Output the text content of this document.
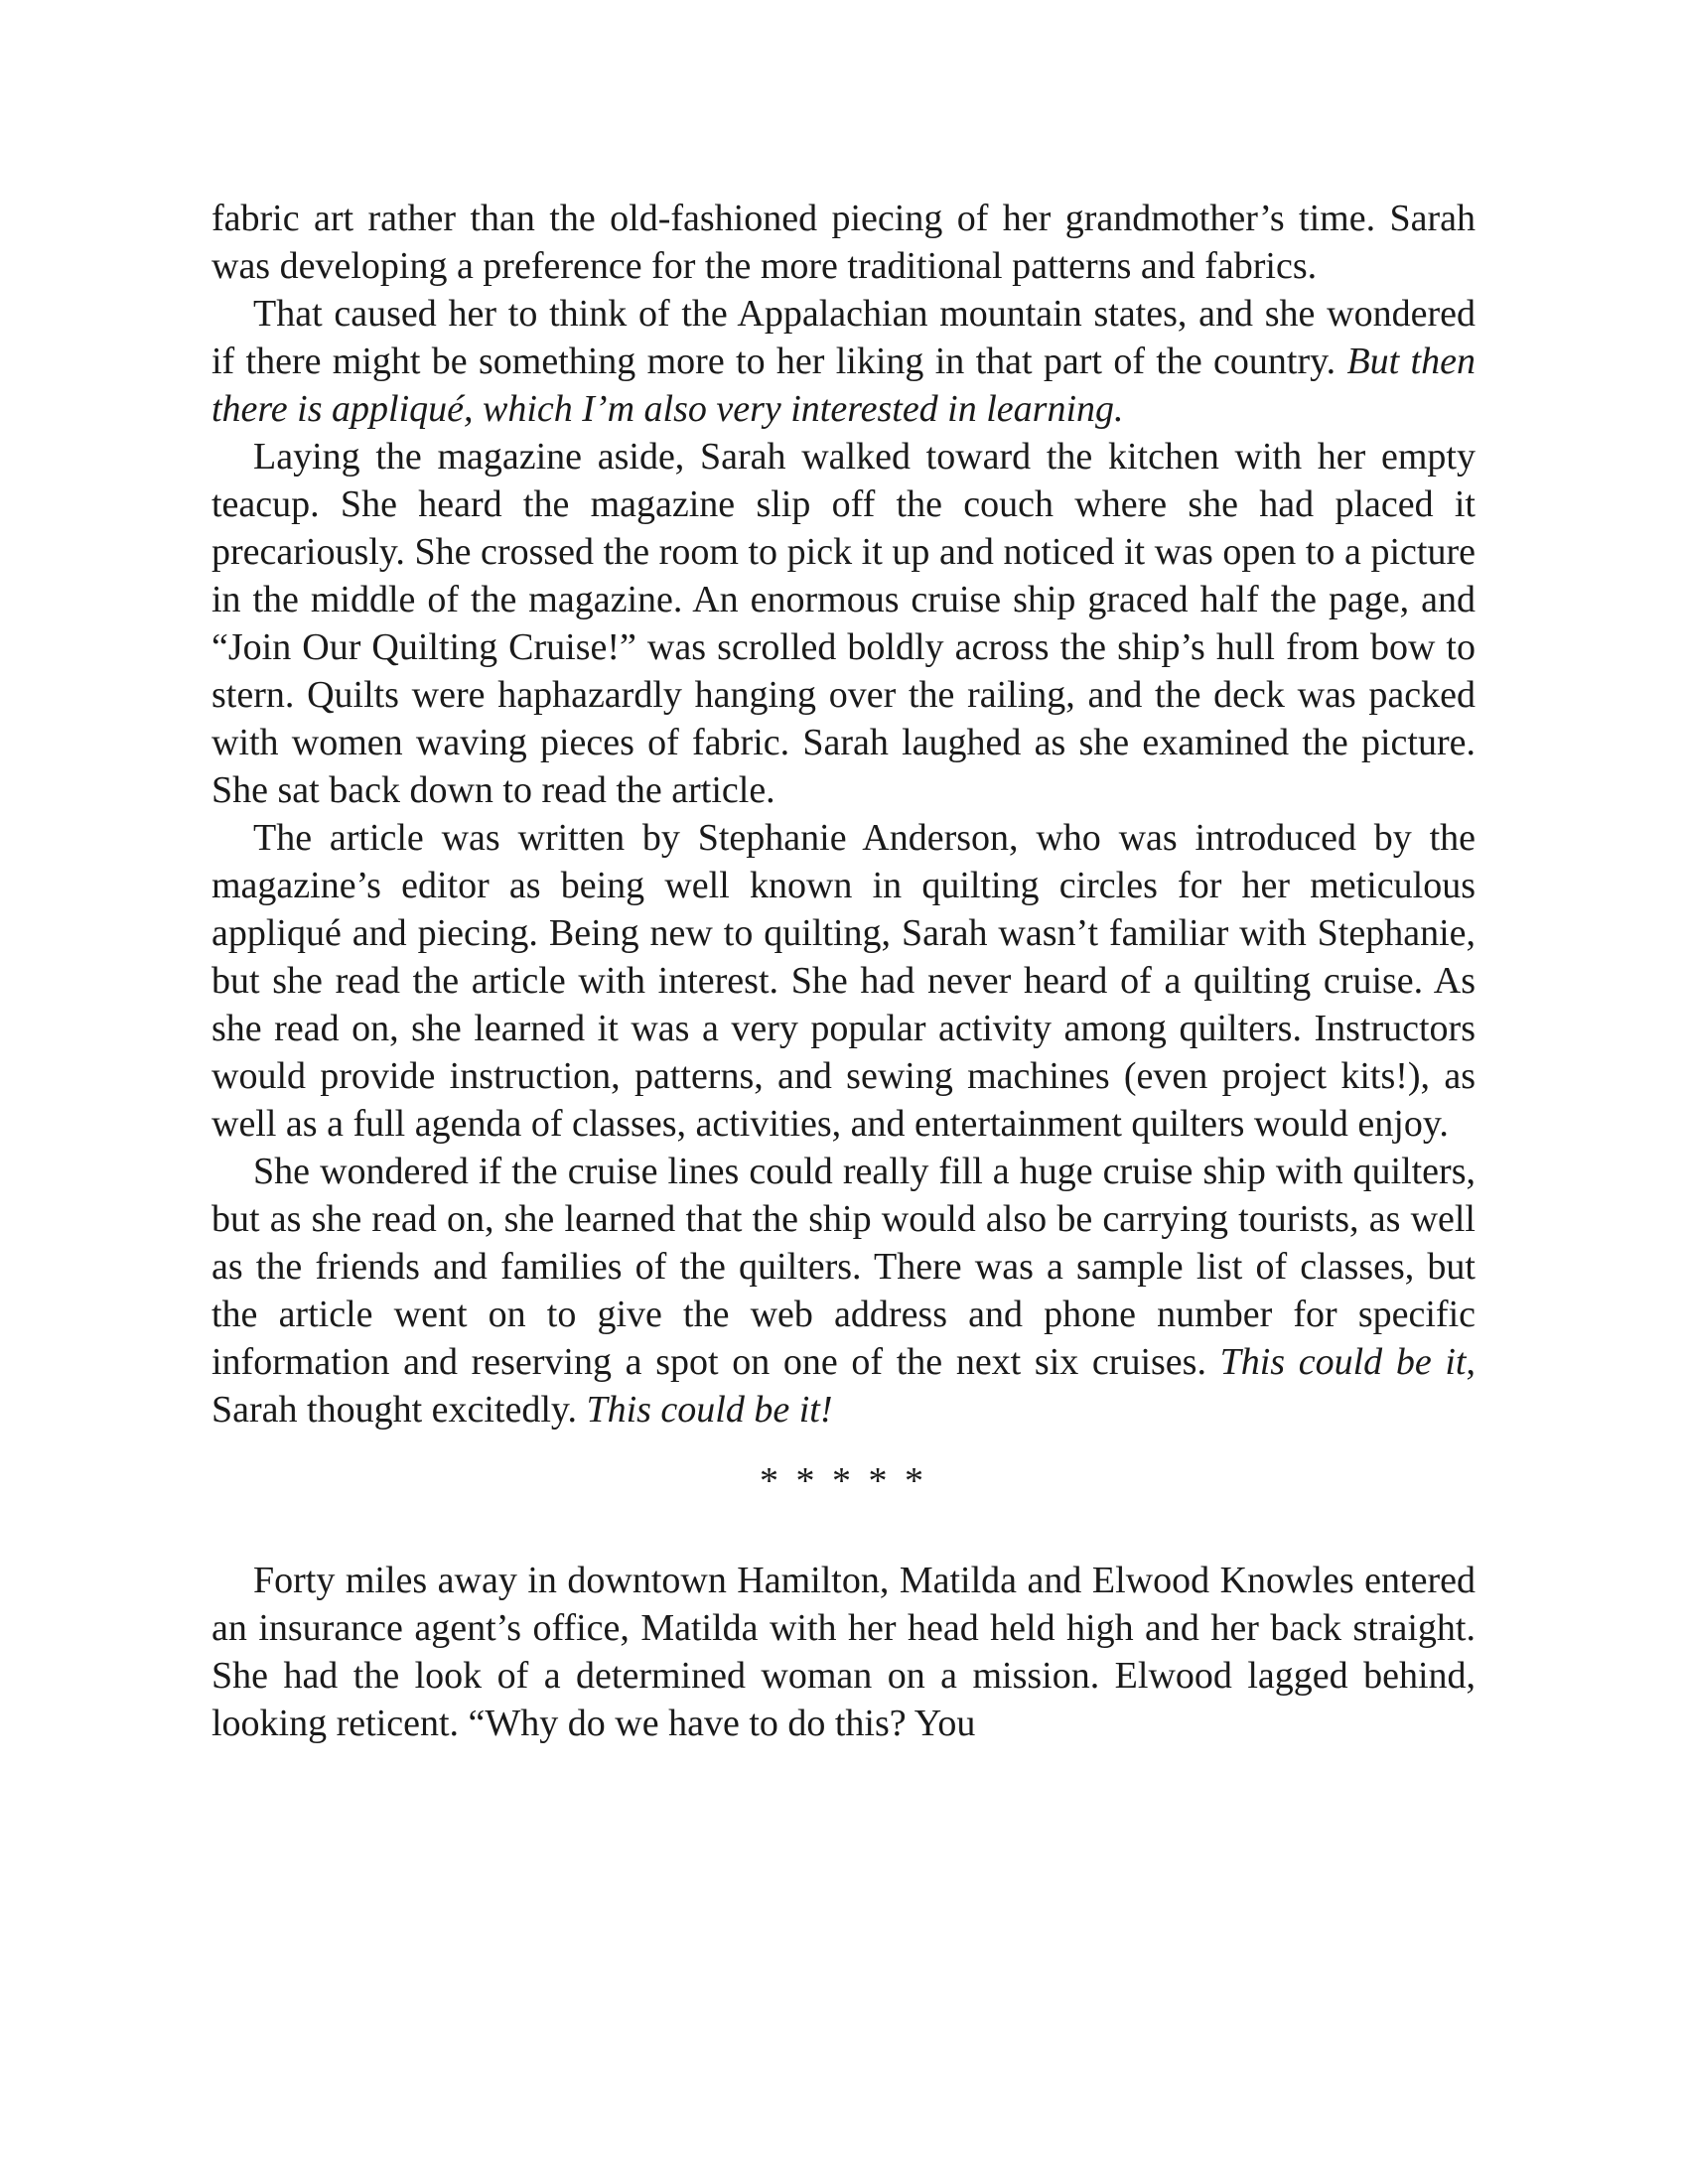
fabric art rather than the old-fashioned piecing of her grandmother’s time. Sarah was developing a preference for the more traditional patterns and fabrics.

That caused her to think of the Appalachian mountain states, and she wondered if there might be something more to her liking in that part of the country. But then there is appliqué, which I’m also very interested in learning.

Laying the magazine aside, Sarah walked toward the kitchen with her empty teacup. She heard the magazine slip off the couch where she had placed it precariously. She crossed the room to pick it up and noticed it was open to a picture in the middle of the magazine. An enormous cruise ship graced half the page, and “Join Our Quilting Cruise!” was scrolled boldly across the ship’s hull from bow to stern. Quilts were haphazardly hanging over the railing, and the deck was packed with women waving pieces of fabric. Sarah laughed as she examined the picture. She sat back down to read the article.

The article was written by Stephanie Anderson, who was introduced by the magazine’s editor as being well known in quilting circles for her meticulous appliqué and piecing. Being new to quilting, Sarah wasn’t familiar with Stephanie, but she read the article with interest. She had never heard of a quilting cruise. As she read on, she learned it was a very popular activity among quilters. Instructors would provide instruction, patterns, and sewing machines (even project kits!), as well as a full agenda of classes, activities, and entertainment quilters would enjoy.

She wondered if the cruise lines could really fill a huge cruise ship with quilters, but as she read on, she learned that the ship would also be carrying tourists, as well as the friends and families of the quilters. There was a sample list of classes, but the article went on to give the web address and phone number for specific information and reserving a spot on one of the next six cruises. This could be it, Sarah thought excitedly. This could be it!

* * * * *

Forty miles away in downtown Hamilton, Matilda and Elwood Knowles entered an insurance agent’s office, Matilda with her head held high and her back straight. She had the look of a determined woman on a mission. Elwood lagged behind, looking reticent. “Why do we have to do this? You
